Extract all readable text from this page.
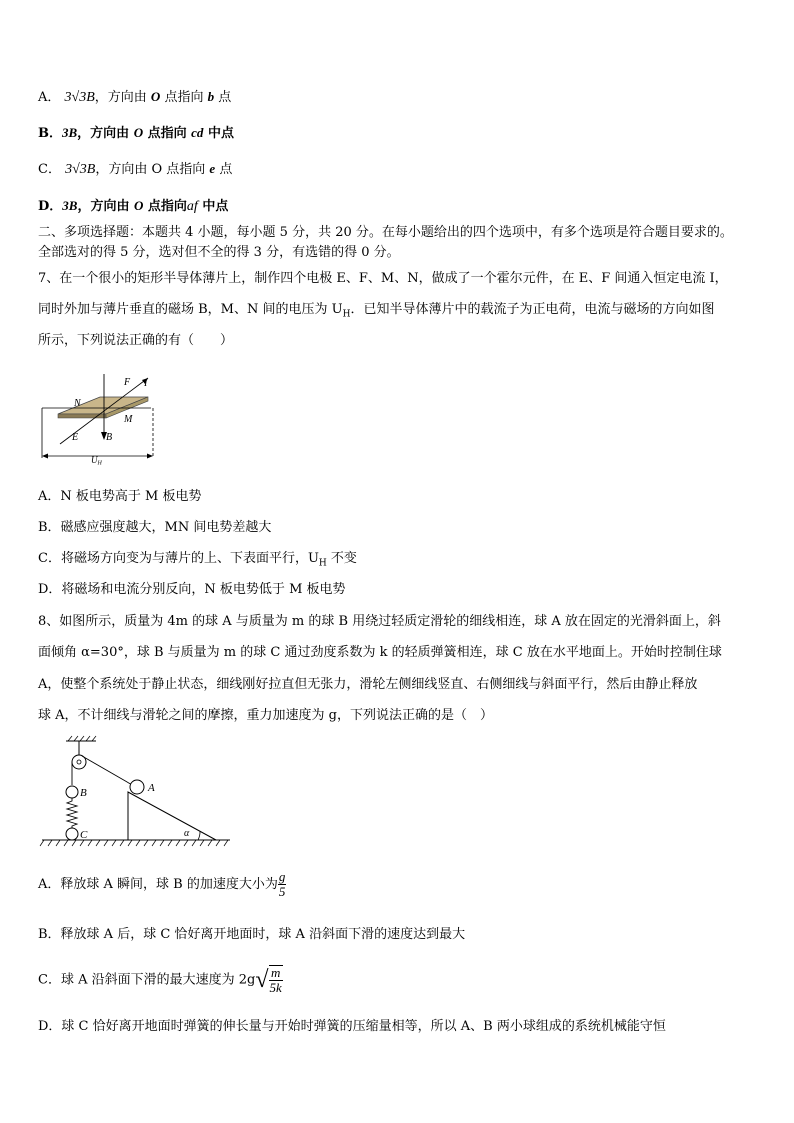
A． 3√3B，方向由 O 点指向 b 点
B．3B，方向由 O 点指向 cd 中点
C． 3√3B，方向由 O 点指向 e 点
D．3B，方向由 O 点指向af 中点
二、多项选择题：本题共 4 小题，每小题 5 分，共 20 分。在每小题给出的四个选项中，有多个选项是符合题目要求的。
全部选对的得 5 分，选对但不全的得 3 分，有选错的得 0 分。
7、在一个很小的矩形半导体薄片上，制作四个电极 E、F、M、N，做成了一个霍尔元件，在 E、F 间通入恒定电流 I，
同时外加与薄片垂直的磁场 B，M、N 间的电压为 $U_H$．已知半导体薄片中的载流子为正电荷，电流与磁场的方向如图
所示，下列说法正确的有（　　）
F I
N
M
E	B
UH
A．N 板电势高于 M 板电势
B．磁感应强度越大，MN 间电势差越大
C．将磁场方向变为与薄片的上、下表面平行，$U_H$ 不变
D．将磁场和电流分别反向，N 板电势低于 M 板电势
8、如图所示，质量为 4m 的球 A 与质量为 m 的球 B 用绕过轻质定滑轮的细线相连，球 A 放在固定的光滑斜面上，斜
面倾角 α=30°，球 B 与质量为 m 的球 C 通过劲度系数为 k 的轻质弹簧相连，球 C 放在水平地面上。开始时控制住球
A，使整个系统处于静止状态，细线刚好拉直但无张力，滑轮左侧细线竖直、右侧细线与斜面平行，然后由静止释放
球 A，不计细线与滑轮之间的摩擦，重力加速度为 g，下列说法正确的是（　）
A
B
C	α
A．释放球 A 瞬间，球 B 的加速度大小为 $\frac{g}{5}$
B．释放球 A 后，球 C 恰好离开地面时，球 A 沿斜面下滑的速度达到最大
C．球 A 沿斜面下滑的最大速度为 $2g√ \frac{m}{5k}$
D．球 C 恰好离开地面时弹簧的伸长量与开始时弹簧的压缩量相等，所以 A、B 两小球组成的系统机械能守恒
